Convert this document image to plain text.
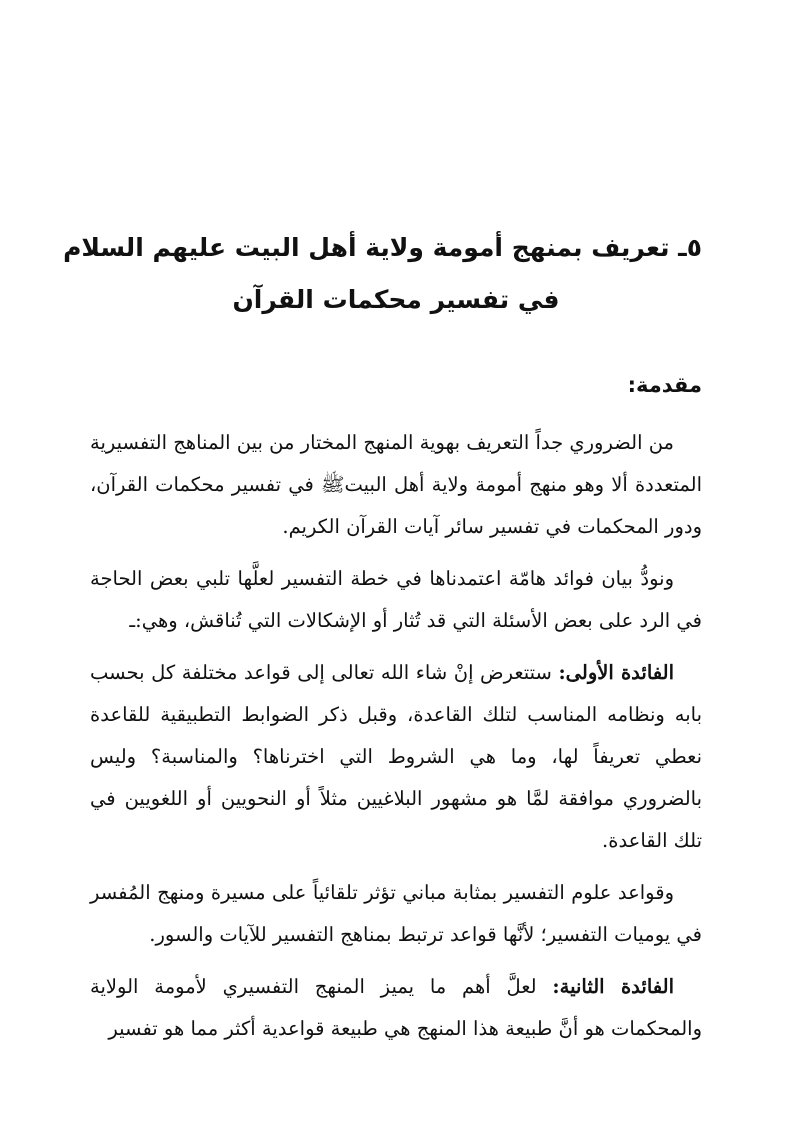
٥ـ تعريف بمنهج أمومة ولاية أهل البيت عليهم السلام
في تفسير محكمات القرآن
مقدمة:

من الضروري جداً التعريف بهوية المنهج المختار من بين المناهج التفسيرية المتعددة ألا وهو منهج أمومة ولاية أهل البيتﷺ في تفسير محكمات القرآن، ودور المحكمات في تفسير سائر آيات القرآن الكريم.

ونودُّ بيان فوائد هامّة اعتمدناها في خطة التفسير لعلَّها تلبي بعض الحاجة في الرد على بعض الأسئلة التي قد تُثار أو الإشكالات التي تُناقش، وهي:ـ

الفائدة الأولى: ستتعرض إنْ شاء الله تعالى إلى قواعد مختلفة كل بحسب بابه ونظامه المناسب لتلك القاعدة، وقبل ذكر الضوابط التطبيقية للقاعدة نعطي تعريفاً لها، وما هي الشروط التي اخترناها؟ والمناسبة؟ وليس بالضروري موافقة لمَّا هو مشهور البلاغيين مثلاً أو النحويين أو اللغويين في تلك القاعدة.

وقواعد علوم التفسير بمثابة مباني تؤثر تلقائياً على مسيرة ومنهج المُفسر في يوميات التفسير؛ لأنَّها قواعد ترتبط بمناهج التفسير للآيات والسور.

الفائدة الثانية: لعلَّ أهم ما يميز المنهج التفسيري لأمومة الولاية والمحكمات هو أنَّ طبيعة هذا المنهج هي طبيعة قواعدية أكثر مما هو تفسير
